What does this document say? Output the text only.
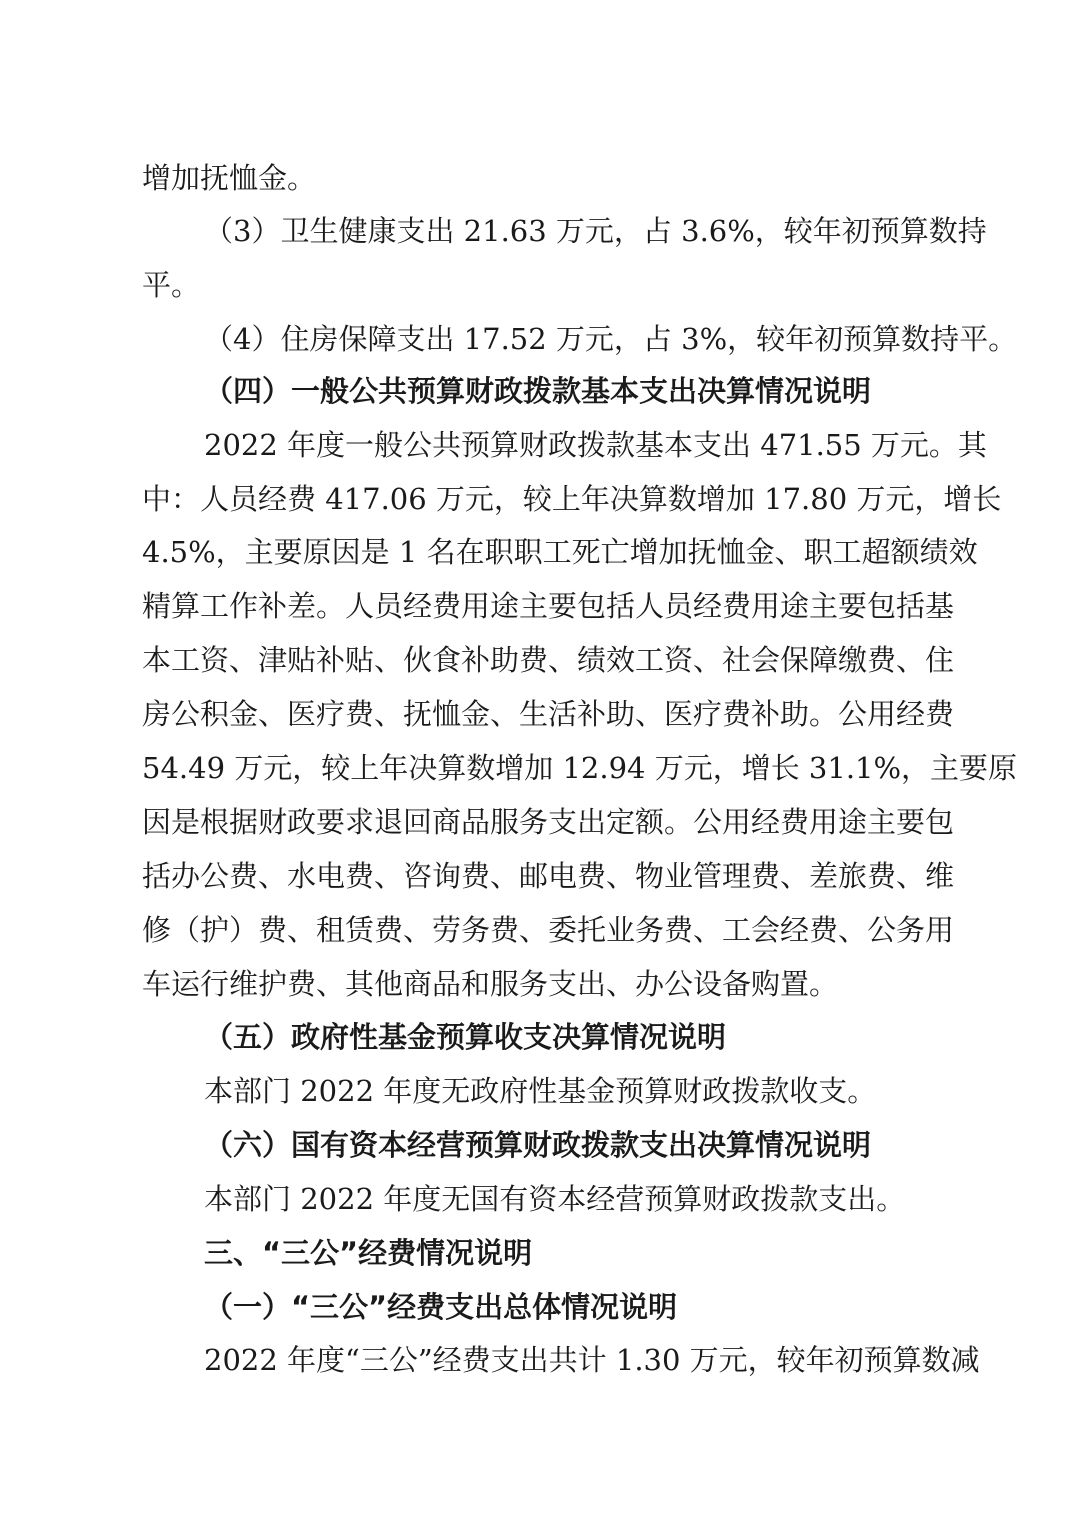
增加抚恤金。
（3）卫生健康支出 21.63 万元，占 3.6%，较年初预算数持
平。
（4）住房保障支出 17.52 万元，占 3%，较年初预算数持平。
（四）一般公共预算财政拨款基本支出决算情况说明
2022 年度一般公共预算财政拨款基本支出 471.55 万元。其
中：人员经费 417.06 万元，较上年决算数增加 17.80 万元，增长
4.5%，主要原因是 1 名在职职工死亡增加抚恤金、职工超额绩效
精算工作补差。人员经费用途主要包括人员经费用途主要包括基
本工资、津贴补贴、伙食补助费、绩效工资、社会保障缴费、住
房公积金、医疗费、抚恤金、生活补助、医疗费补助。公用经费
54.49 万元，较上年决算数增加 12.94 万元，增长 31.1%，主要原
因是根据财政要求退回商品服务支出定额。公用经费用途主要包
括办公费、水电费、咨询费、邮电费、物业管理费、差旅费、维
修（护）费、租赁费、劳务费、委托业务费、工会经费、公务用
车运行维护费、其他商品和服务支出、办公设备购置。
（五）政府性基金预算收支决算情况说明
本部门 2022 年度无政府性基金预算财政拨款收支。
（六）国有资本经营预算财政拨款支出决算情况说明
本部门 2022 年度无国有资本经营预算财政拨款支出。
三、“三公”经费情况说明
（一）“三公”经费支出总体情况说明
2022 年度“三公”经费支出共计 1.30 万元，较年初预算数减
